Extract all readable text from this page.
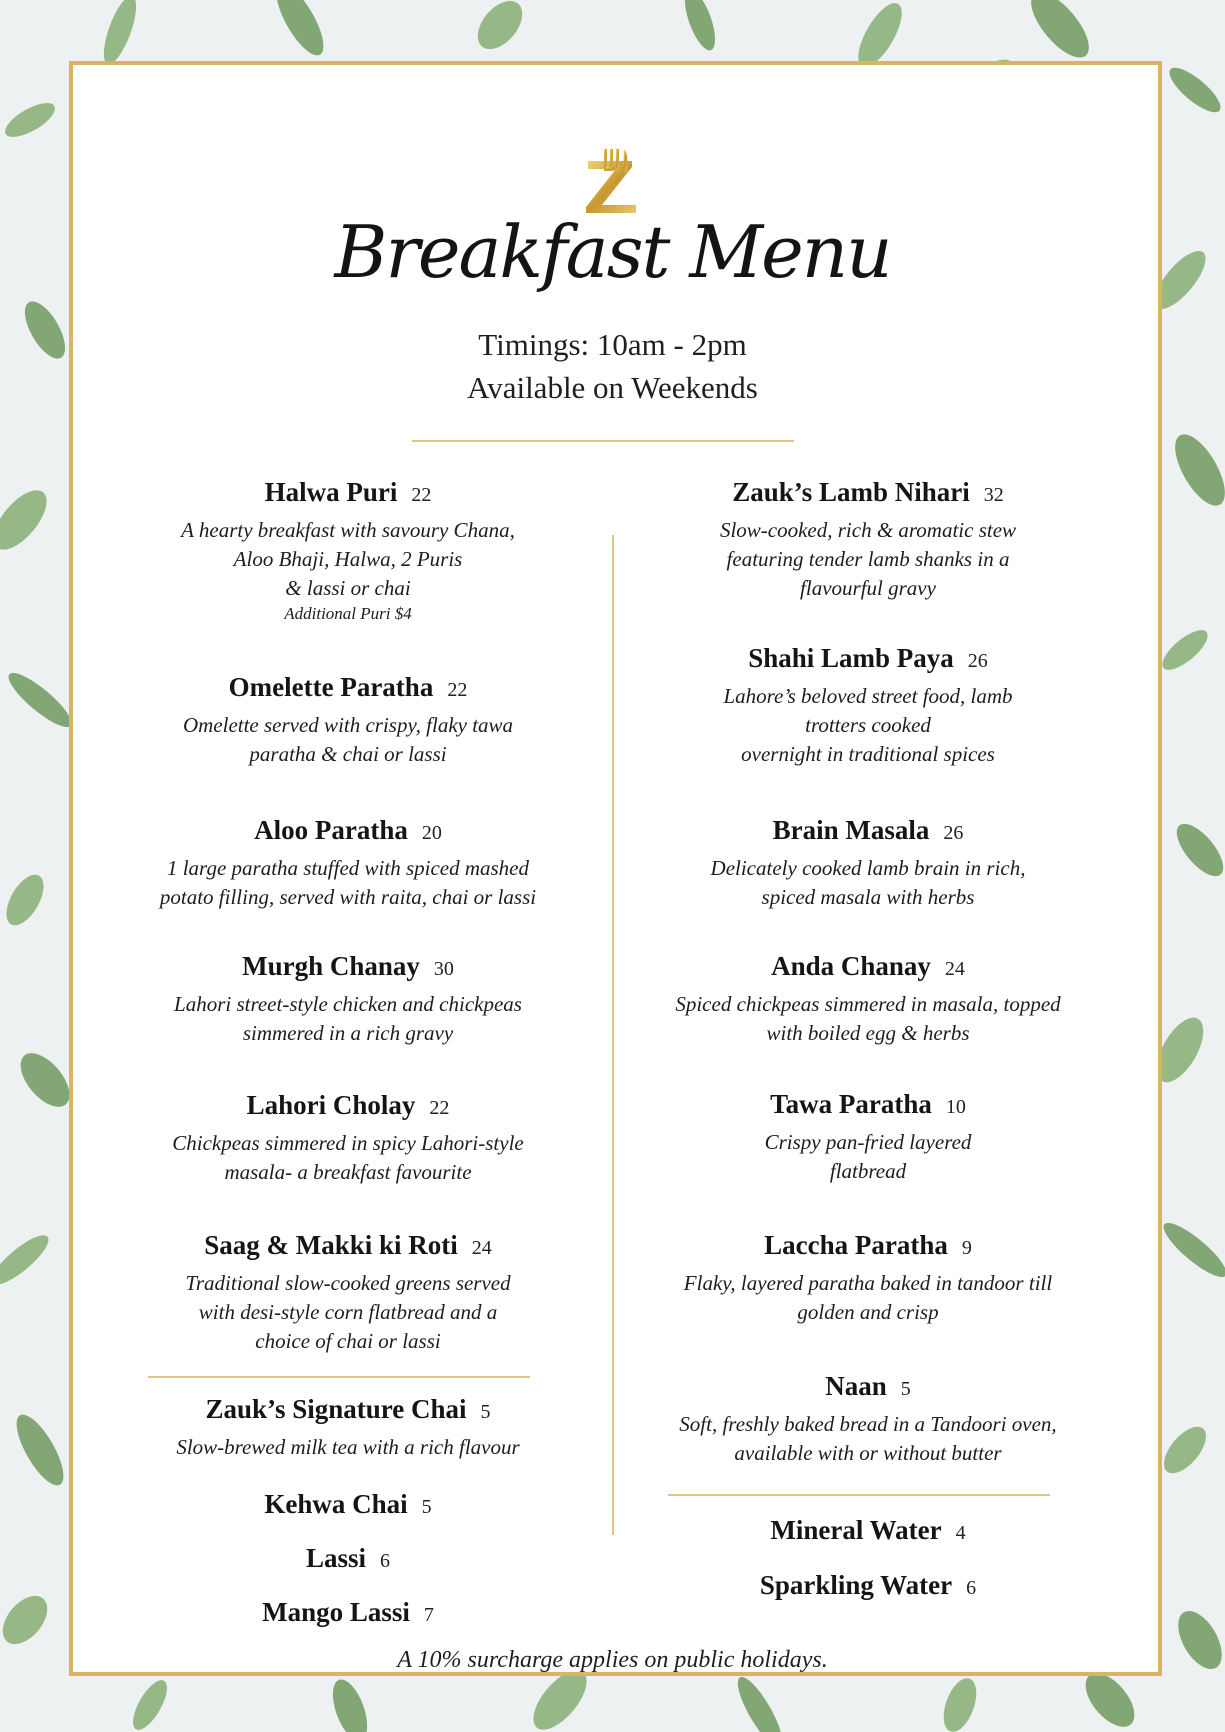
Breakfast Menu
Timings: 10am - 2pm
Available on Weekends
Halwa Puri 22
A hearty breakfast with savoury Chana,
Aloo Bhaji, Halwa, 2 Puris
& lassi or chai
Additional Puri $4
Omelette Paratha 22
Omelette served with crispy, flaky tawa
paratha & chai or lassi
Aloo Paratha 20
1 large paratha stuffed with spiced mashed
potato filling, served with raita, chai or lassi
Murgh Chanay 30
Lahori street-style chicken and chickpeas
simmered in a rich gravy
Lahori Cholay 22
Chickpeas simmered in spicy Lahori-style
masala- a breakfast favourite
Saag & Makki ki Roti 24
Traditional slow-cooked greens served
with desi-style corn flatbread and a
choice of chai or lassi
Zauk’s Signature Chai 5
Slow-brewed milk tea with a rich flavour
Kehwa Chai 5
Lassi 6
Mango Lassi 7
Zauk’s Lamb Nihari 32
Slow-cooked, rich & aromatic stew
featuring tender lamb shanks in a
flavourful gravy
Shahi Lamb Paya 26
Lahore’s beloved street food, lamb
trotters cooked
overnight in traditional spices
Brain Masala 26
Delicately cooked lamb brain in rich,
spiced masala with herbs
Anda Chanay 24
Spiced chickpeas simmered in masala, topped
with boiled egg & herbs
Tawa Paratha 10
Crispy pan-fried layered
flatbread
Laccha Paratha 9
Flaky, layered paratha baked in tandoor till
golden and crisp
Naan 5
Soft, freshly baked bread in a Tandoori oven,
available with or without butter
Mineral Water 4
Sparkling Water 6
A 10% surcharge applies on public holidays.
